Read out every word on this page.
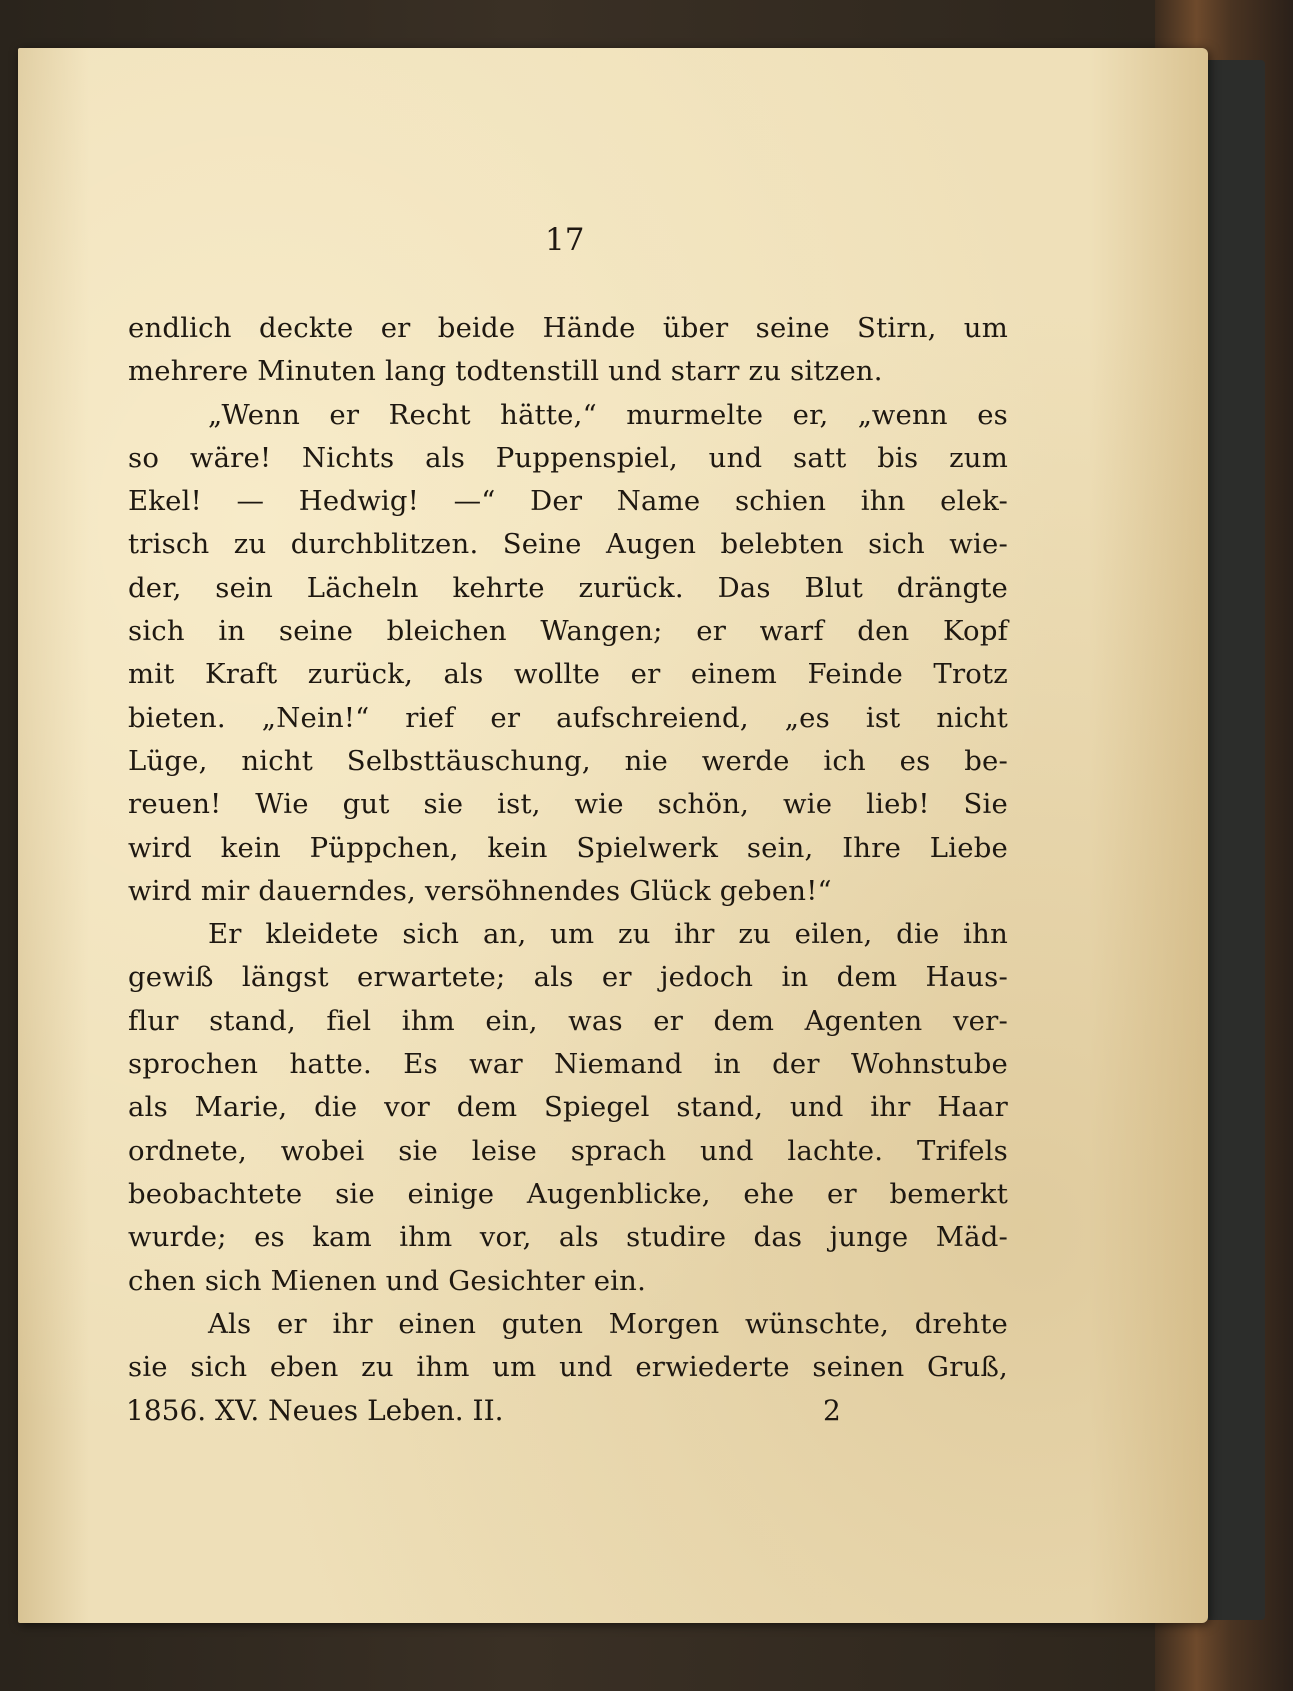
17
endlich deckte er beide Hände über seine Stirn, um
mehrere Minuten lang todtenstill und starr zu sitzen.
„Wenn er Recht hätte,“ murmelte er, „wenn es
so wäre! Nichts als Puppenspiel, und satt bis zum
Ekel! — Hedwig! —“ Der Name schien ihn elek-
trisch zu durchblitzen. Seine Augen belebten sich wie-
der, sein Lächeln kehrte zurück. Das Blut drängte
sich in seine bleichen Wangen; er warf den Kopf
mit Kraft zurück, als wollte er einem Feinde Trotz
bieten. „Nein!“ rief er aufschreiend, „es ist nicht
Lüge, nicht Selbsttäuschung, nie werde ich es be-
reuen! Wie gut sie ist, wie schön, wie lieb! Sie
wird kein Püppchen, kein Spielwerk sein, Ihre Liebe
wird mir dauerndes, versöhnendes Glück geben!“
Er kleidete sich an, um zu ihr zu eilen, die ihn
gewiß längst erwartete; als er jedoch in dem Haus-
flur stand, fiel ihm ein, was er dem Agenten ver-
sprochen hatte. Es war Niemand in der Wohnstube
als Marie, die vor dem Spiegel stand, und ihr Haar
ordnete, wobei sie leise sprach und lachte. Trifels
beobachtete sie einige Augenblicke, ehe er bemerkt
wurde; es kam ihm vor, als studire das junge Mäd-
chen sich Mienen und Gesichter ein.
Als er ihr einen guten Morgen wünschte, drehte
sie sich eben zu ihm um und erwiederte seinen Gruß,
1856. XV. Neues Leben. II.	2
